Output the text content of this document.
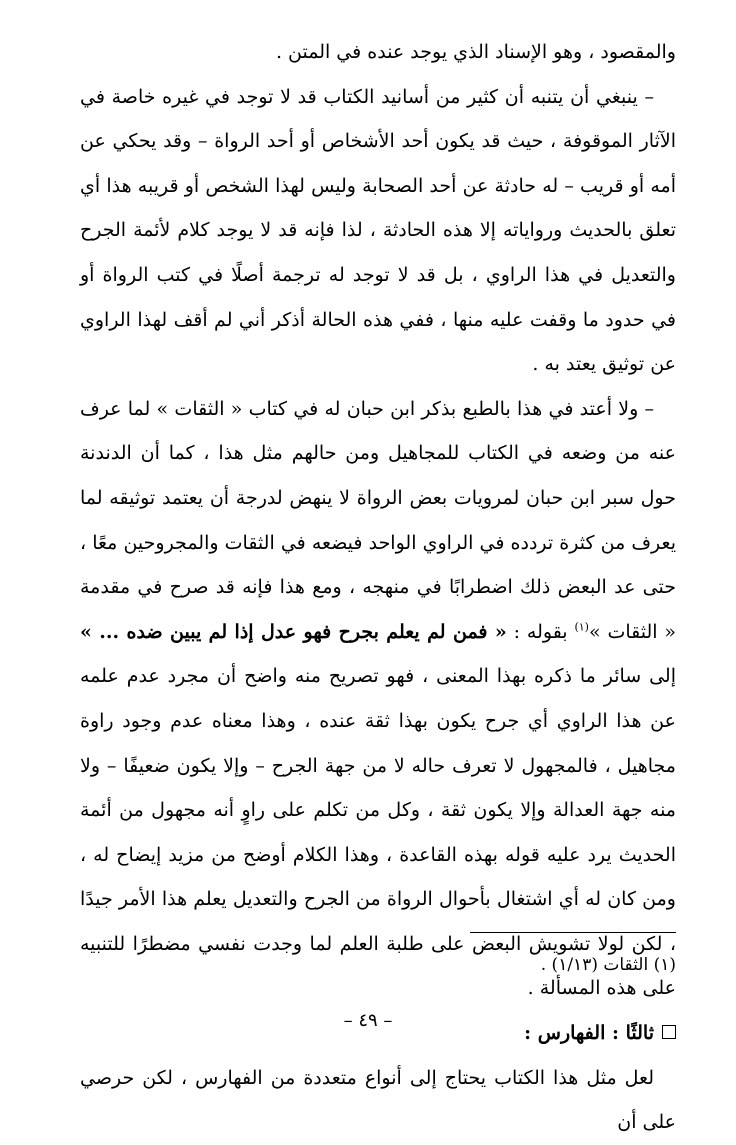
والمقصود ، وهو الإسناد الذي يوجد عنده في المتن .

– ينبغي أن يتنبه أن كثير من أسانيد الكتاب قد لا توجد في غيره خاصة في الآثار الموقوفة ، حيث قد يكون أحد الأشخاص أو أحد الرواة – وقد يحكي عن أمه أو قريب – له حادثة عن أحد الصحابة وليس لهذا الشخص أو قريبه هذا أي تعلق بالحديث ورواياته إلا هذه الحادثة ، لذا فإنه قد لا يوجد كلام لأئمة الجرح والتعديل في هذا الراوي ، بل قد لا توجد له ترجمة أصلًا في كتب الرواة أو في حدود ما وقفت عليه منها ، ففي هذه الحالة أذكر أني لم أقف لهذا الراوي عن توثيق يعتد به .

– ولا أعتد في هذا بالطبع بذكر ابن حبان له في كتاب « الثقات » لما عرف عنه من وضعه في الكتاب للمجاهيل ومن حالهم مثل هذا ، كما أن الدندنة حول سبر ابن حبان لمرويات بعض الرواة لا ينهض لدرجة أن يعتمد توثيقه لما يعرف من كثرة تردده في الراوي الواحد فيضعه في الثقات والمجروحين معًا ، حتى عد البعض ذلك اضطرابًا في منهجه ، ومع هذا فإنه قد صرح في مقدمة « الثقات »$^{(١)}$ بقوله : « فمن لم يعلم بجرح فهو عدل إذا لم يبين ضده ... » إلى سائر ما ذكره بهذا المعنى ، فهو تصريح منه واضح أن مجرد عدم علمه عن هذا الراوي أي جرح يكون بهذا ثقة عنده ، وهذا معناه عدم وجود راوة مجاهيل ، فالمجهول لا تعرف حاله لا من جهة الجرح – وإلا يكون ضعيفًا – ولا منه جهة العدالة وإلا يكون ثقة ، وكل من تكلم على راوٍ أنه مجهول من أئمة الحديث يرد عليه قوله بهذه القاعدة ، وهذا الكلام أوضح من مزيد إيضاح له ، ومن كان له أي اشتغال بأحوال الرواة من الجرح والتعديل يعلم هذا الأمر جيدًا ، لكن لولا تشويش البعض على طلبة العلم لما وجدت نفسي مضطرًا للتنبيه على هذه المسألة .

ثالثًا : الفهارس :

لعل مثل هذا الكتاب يحتاج إلى أنواع متعددة من الفهارس ، لكن حرصي على أن

(١) الثقات (١/١٣) .

– ٤٩ –
